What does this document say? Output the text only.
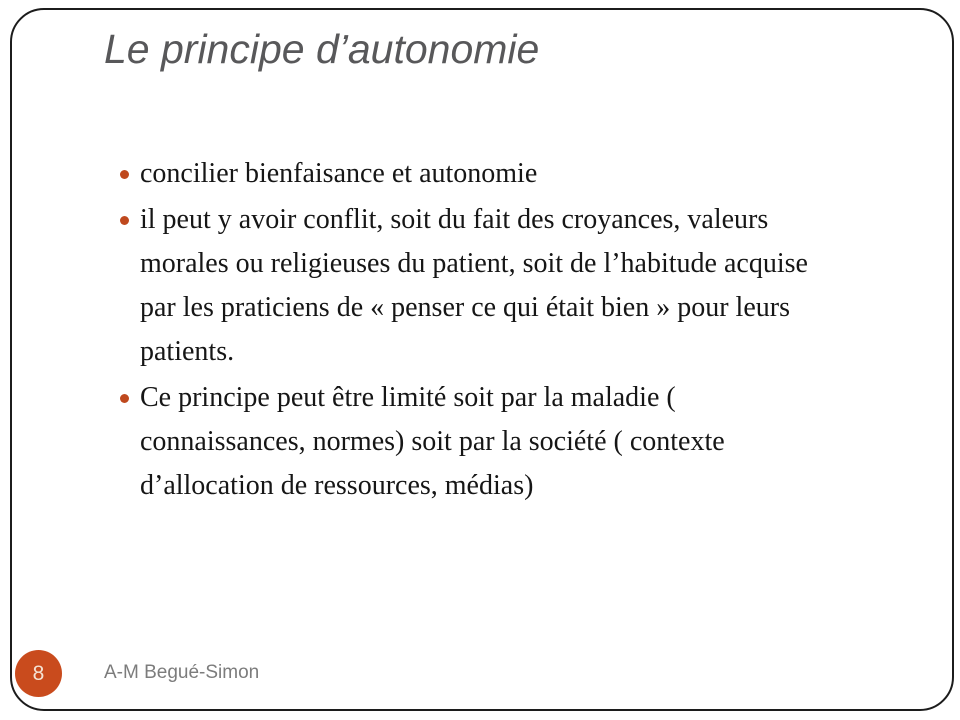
Le principe d’autonomie
concilier bienfaisance et autonomie
il peut y avoir conflit, soit du fait des croyances, valeurs
morales ou religieuses du patient, soit de l’habitude acquise
par les praticiens de « penser ce qui était bien » pour leurs
patients.
Ce principe peut être limité soit par la maladie (
connaissances, normes) soit par la société ( contexte
d’allocation de ressources, médias)
8	A-M Begué-Simon
